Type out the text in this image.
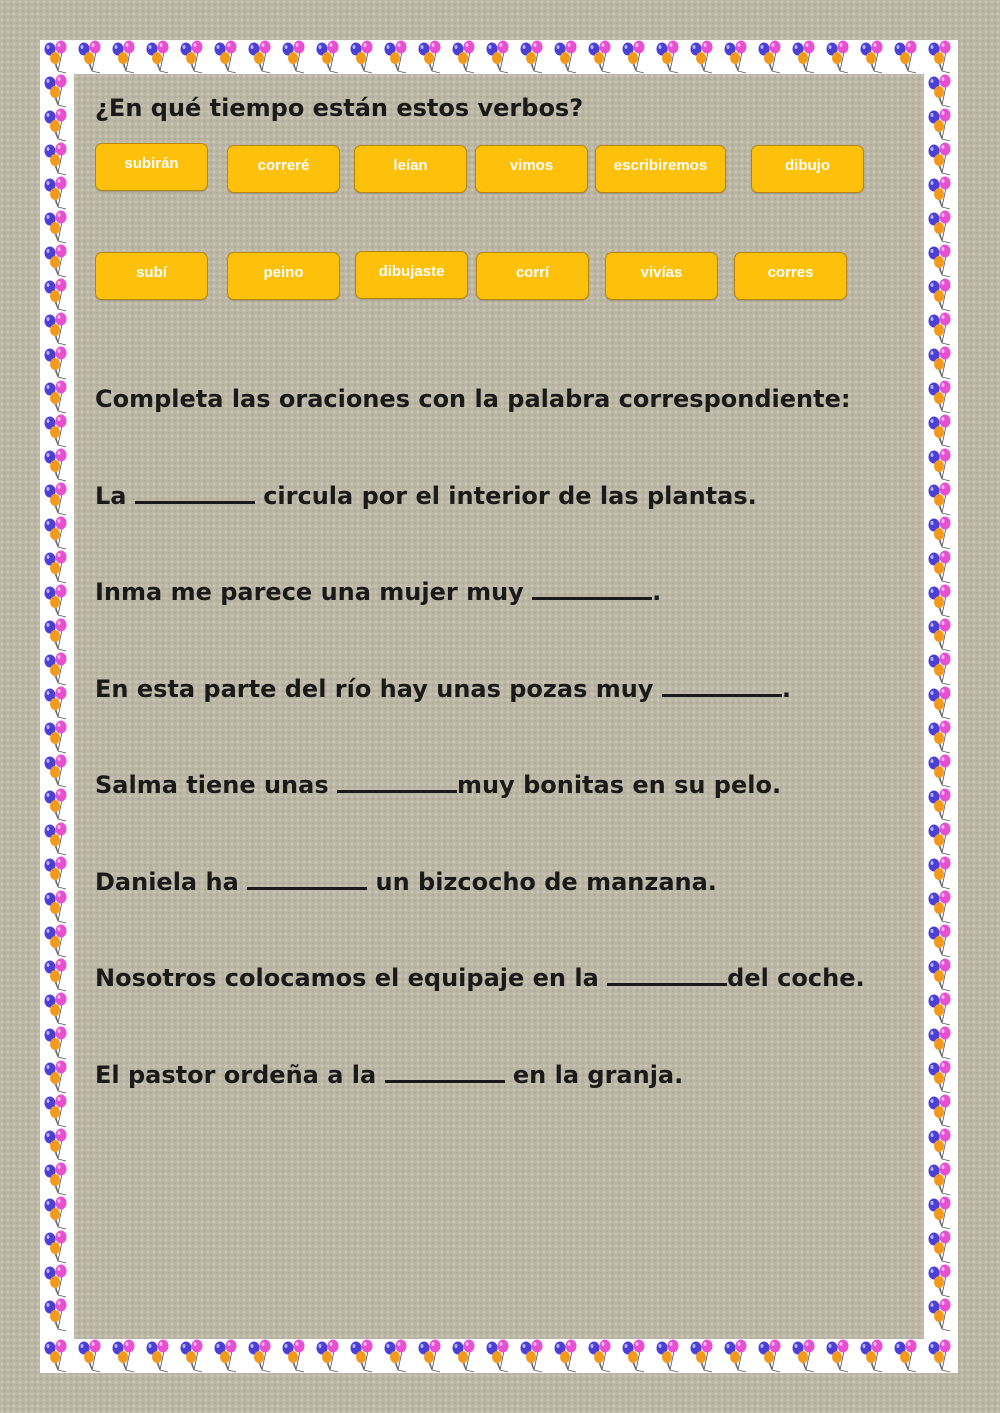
¿En qué tiempo están estos verbos?
subirán	correré	leían	vimos	escribiremos	dibujo
subí	peino	dibujaste	corrí	vivías	corres

Completa las oraciones con la palabra correspondiente:

La	circula por el interior de las plantas.

Inma me parece una mujer muy	.

En esta parte del río hay unas pozas muy	.

Salma tiene unas	muy bonitas en su pelo.

Daniela ha	un bizcocho de manzana.

Nosotros colocamos el equipaje en la	del coche.

El pastor ordeña a la	en la granja.
